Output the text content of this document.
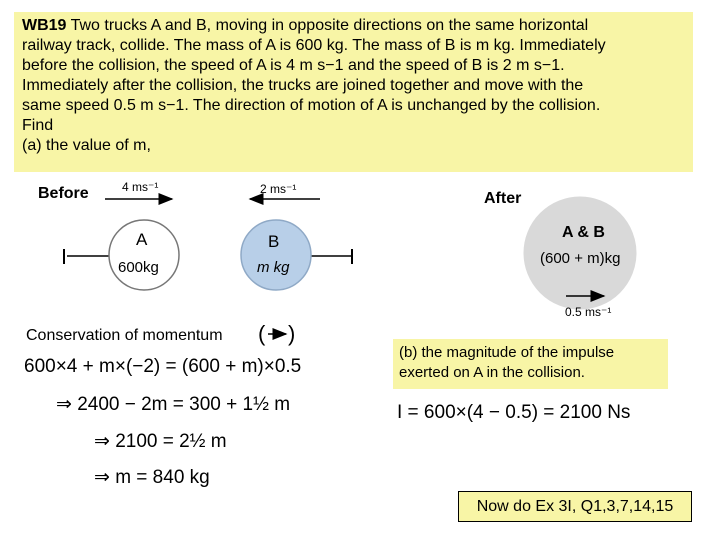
WB19 Two trucks A and B, moving in opposite directions on the same horizontal
railway track, collide. The mass of A is 600 kg. The mass of B is m kg. Immediately
before the collision, the speed of A is 4 m s−1 and the speed of B is 2 m s−1.
Immediately after the collision, the trucks are joined together and move with the
same speed 0.5 m s−1. The direction of motion of A is unchanged by the collision.
Find
(a) the value of m,
Before	After
4 ms⁻¹	2 ms⁻¹
A
600kg
B
m kg
A & B
(600 + m)kg
0.5 ms⁻¹
( )
Conservation of momentum
600×4 + m×(−2) = (600 + m)×0.5
⇒ 2400 − 2m = 300 + 1½ m
⇒ 2100 = 2½ m
⇒ m = 840 kg
(b) the magnitude of the impulse
exerted on A in the collision.
I = 600×(4 − 0.5) = 2100 Ns
Now do Ex 3I, Q1,3,7,14,15
